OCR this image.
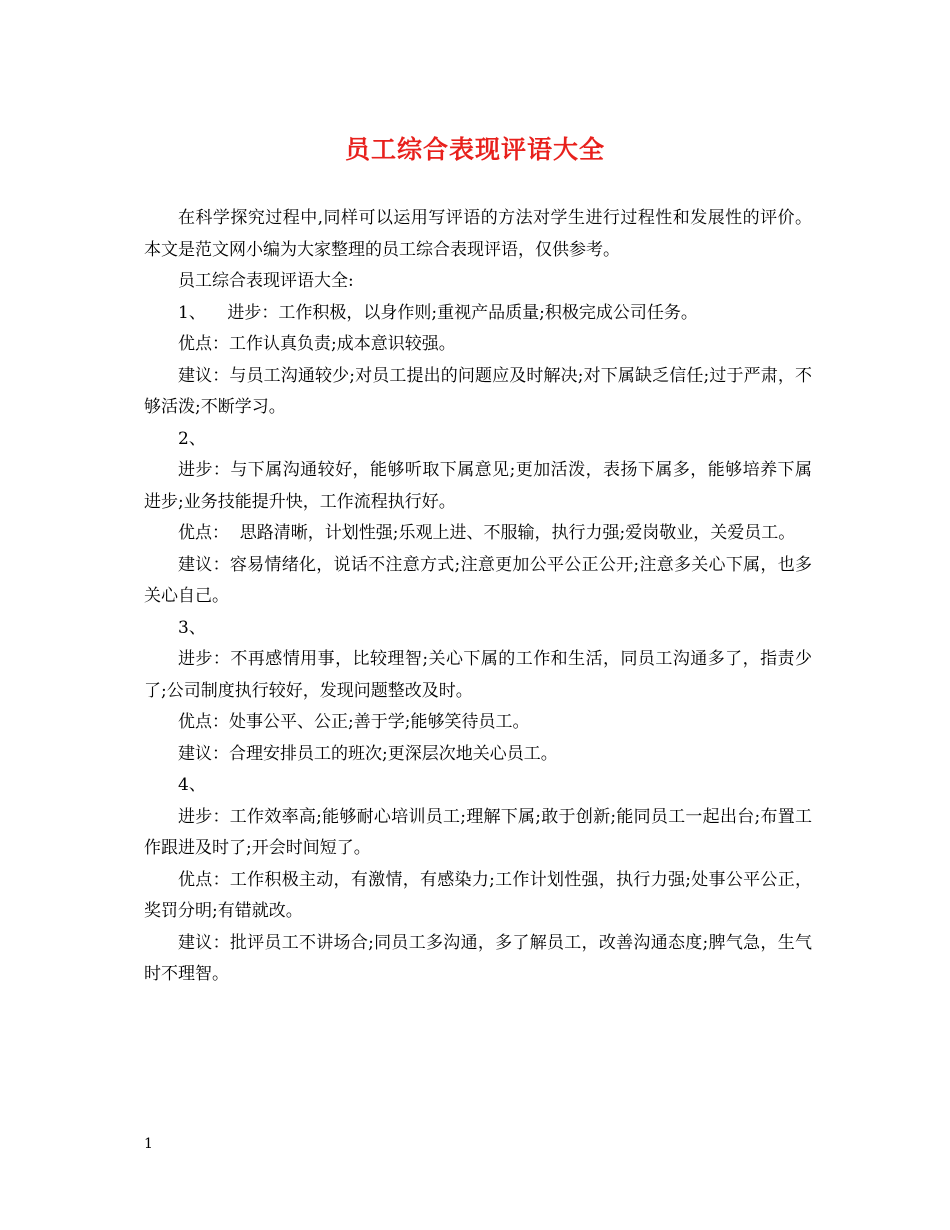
员工综合表现评语大全

在科学探究过程中,同样可以运用写评语的方法对学生进行过程性和发展性的评价。本文是范文网小编为大家整理的员工综合表现评语，仅供参考。

员工综合表现评语大全:

1、    进步：工作积极，以身作则;重视产品质量;积极完成公司任务。

优点：工作认真负责;成本意识较强。

建议：与员工沟通较少;对员工提出的问题应及时解决;对下属缺乏信任;过于严肃，不够活泼;不断学习。

2、

进步：与下属沟通较好，能够听取下属意见;更加活泼，表扬下属多，能够培养下属进步;业务技能提升快，工作流程执行好。

优点：  思路清晰，计划性强;乐观上进、不服输，执行力强;爱岗敬业，关爱员工。

建议：容易情绪化，说话不注意方式;注意更加公平公正公开;注意多关心下属，也多关心自己。

3、

进步：不再感情用事，比较理智;关心下属的工作和生活，同员工沟通多了，指责少了;公司制度执行较好，发现问题整改及时。

优点：处事公平、公正;善于学;能够笑待员工。

建议：合理安排员工的班次;更深层次地关心员工。

4、

进步：工作效率高;能够耐心培训员工;理解下属;敢于创新;能同员工一起出台;布置工作跟进及时了;开会时间短了。

优点：工作积极主动，有激情，有感染力;工作计划性强，执行力强;处事公平公正，奖罚分明;有错就改。

建议：批评员工不讲场合;同员工多沟通，多了解员工，改善沟通态度;脾气急，生气时不理智。

1
